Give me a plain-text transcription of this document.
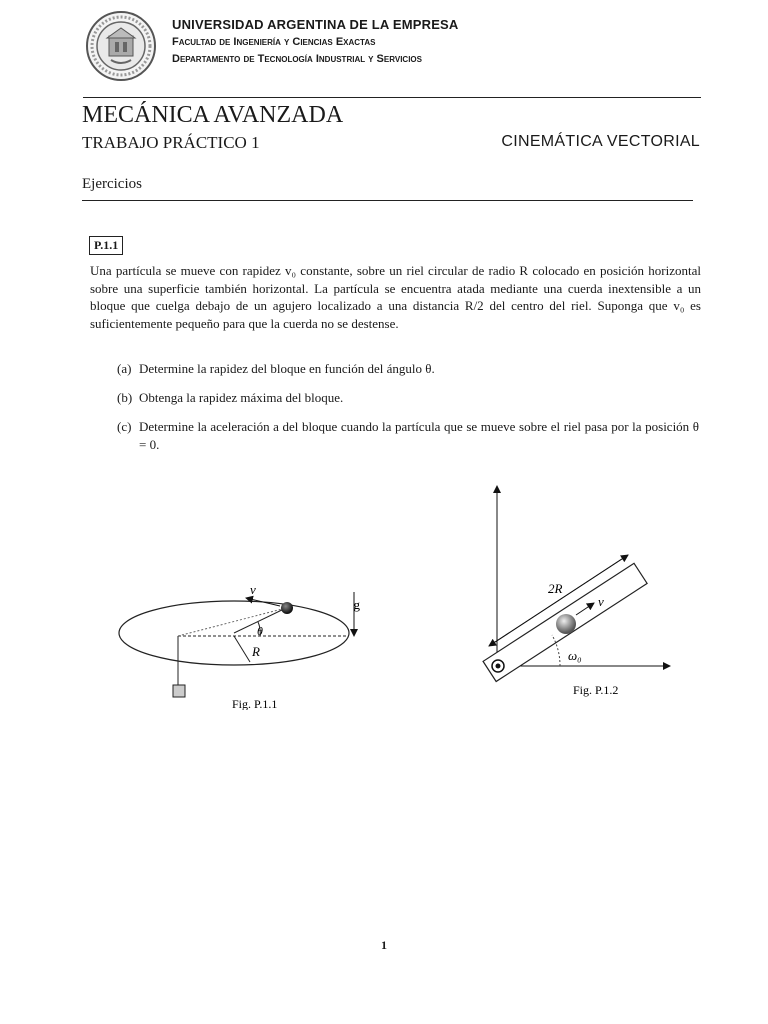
UNIVERSIDAD ARGENTINA DE LA EMPRESA
Facultad de Ingeniería y Ciencias Exactas
Departamento de Tecnología Industrial y Servicios
MECÁNICA AVANZADA
TRABAJO PRÁCTICO 1	CINEMÁTICA VECTORIAL
Ejercicios
P.1.1
Una partícula se mueve con rapidez v₀ constante, sobre un riel circular de radio R colocado en posición horizontal sobre una superficie también horizontal. La partícula se encuentra atada mediante una cuerda inextensible a un bloque que cuelga debajo de un agujero localizado a una distancia R/2 del centro del riel. Suponga que v₀ es suficientemente pequeño para que la cuerda no se destense.
(a) Determine la rapidez del bloque en función del ángulo θ.
(b) Obtenga la rapidez máxima del bloque.
(c) Determine la aceleración a del bloque cuando la partícula que se mueve sobre el riel pasa por la posición θ = 0.
v
g
θ
R
Fig. P.1.1
2R
v
ω₀
Fig. P.1.2
1
